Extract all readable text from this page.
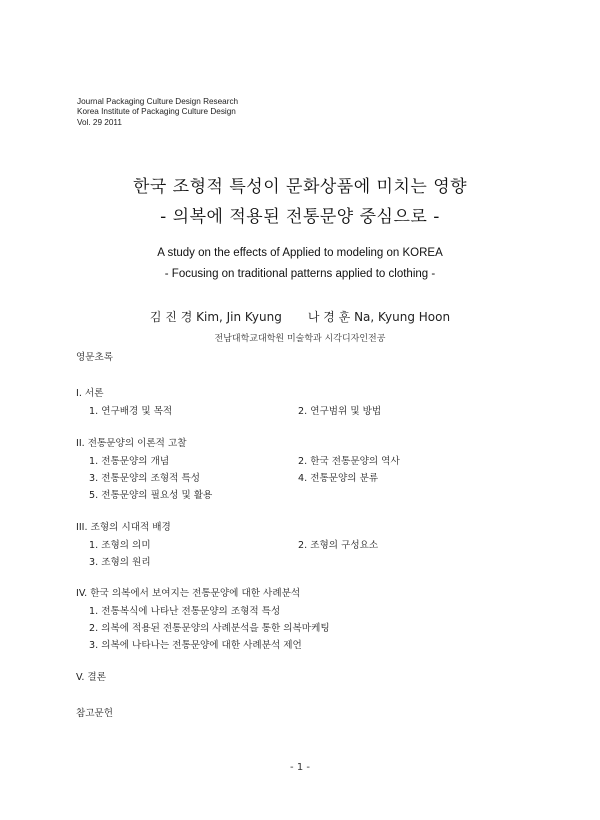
Journal Packaging Culture Design Research
Korea Institute of Packaging Culture Design
Vol. 29 2011
한국 조형적 특성이 문화상품에 미치는 영향
- 의복에 적용된 전통문양 중심으로 -
A study on the effects of Applied to modeling on KOREA
- Focusing on traditional patterns applied to clothing -
김 진 경 Kim, Jin Kyung 나 경 훈 Na, Kyung Hoon
전남대학교대학원 미술학과 시각디자인전공
영문초록
I. 서론
1. 연구배경 및 목적	2. 연구범위 및 방법
II. 전통문양의 이론적 고찰
1. 전통문양의 개념	2. 한국 전통문양의 역사
3. 전통문양의 조형적 특성	4. 전통문양의 분류
5. 전통문양의 필요성 및 활용
III. 조형의 시대적 배경
1. 조형의 의미	2. 조형의 구성요소
3. 조형의 원리
IV. 한국 의복에서 보여지는 전통문양에 대한 사례분석
1. 전통복식에 나타난 전통문양의 조형적 특성
2. 의복에 적용된 전통문양의 사례분석을 통한 의복마케팅
3. 의복에 나타나는 전통문양에 대한 사례분석 제언
V. 결론
참고문헌
- 1 -
